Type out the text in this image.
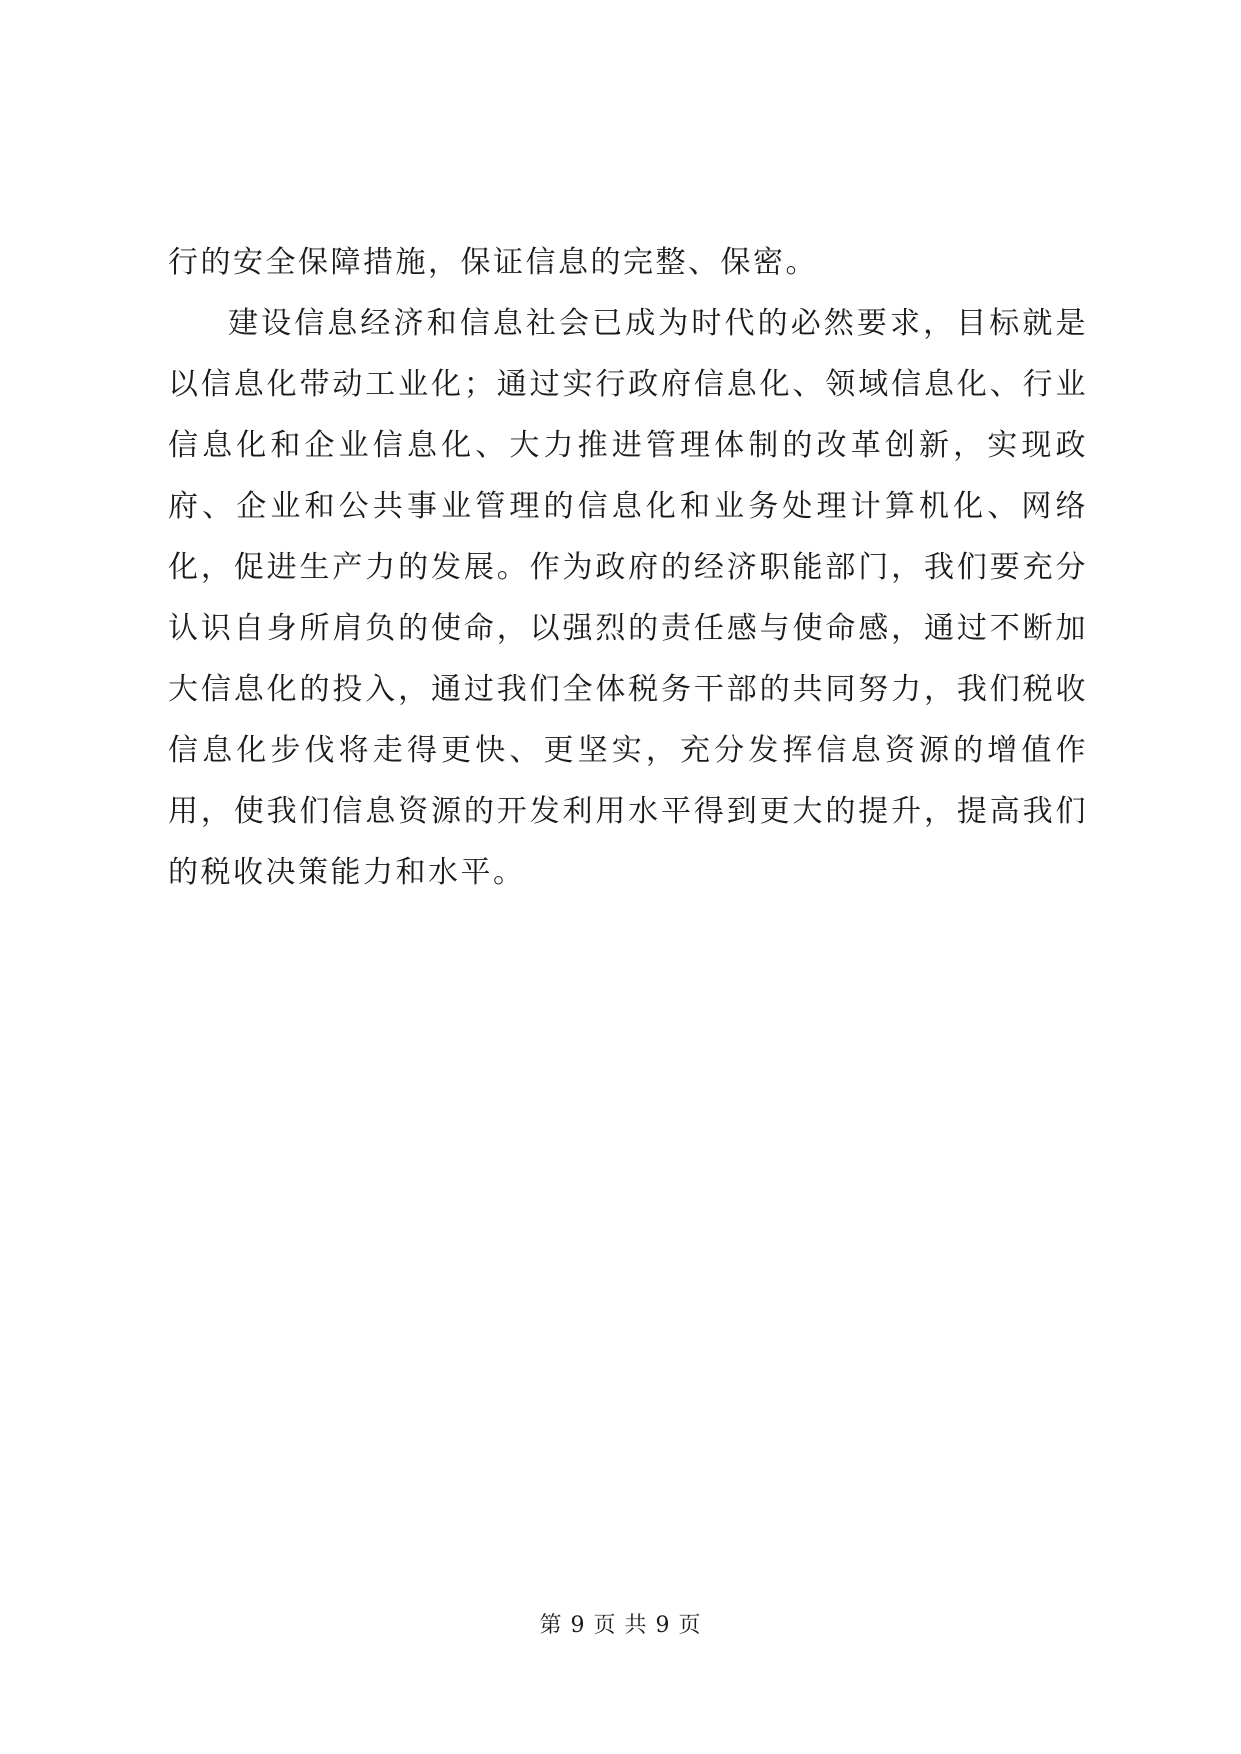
行的安全保障措施，保证信息的完整、保密。

建设信息经济和信息社会已成为时代的必然要求，目标就是以信息化带动工业化；通过实行政府信息化、领域信息化、行业信息化和企业信息化、大力推进管理体制的改革创新，实现政府、企业和公共事业管理的信息化和业务处理计算机化、网络化，促进生产力的发展。作为政府的经济职能部门，我们要充分认识自身所肩负的使命，以强烈的责任感与使命感，通过不断加大信息化的投入，通过我们全体税务干部的共同努力，我们税收信息化步伐将走得更快、更坚实，充分发挥信息资源的增值作用，使我们信息资源的开发利用水平得到更大的提升，提高我们的税收决策能力和水平。

第 9 页 共 9 页
